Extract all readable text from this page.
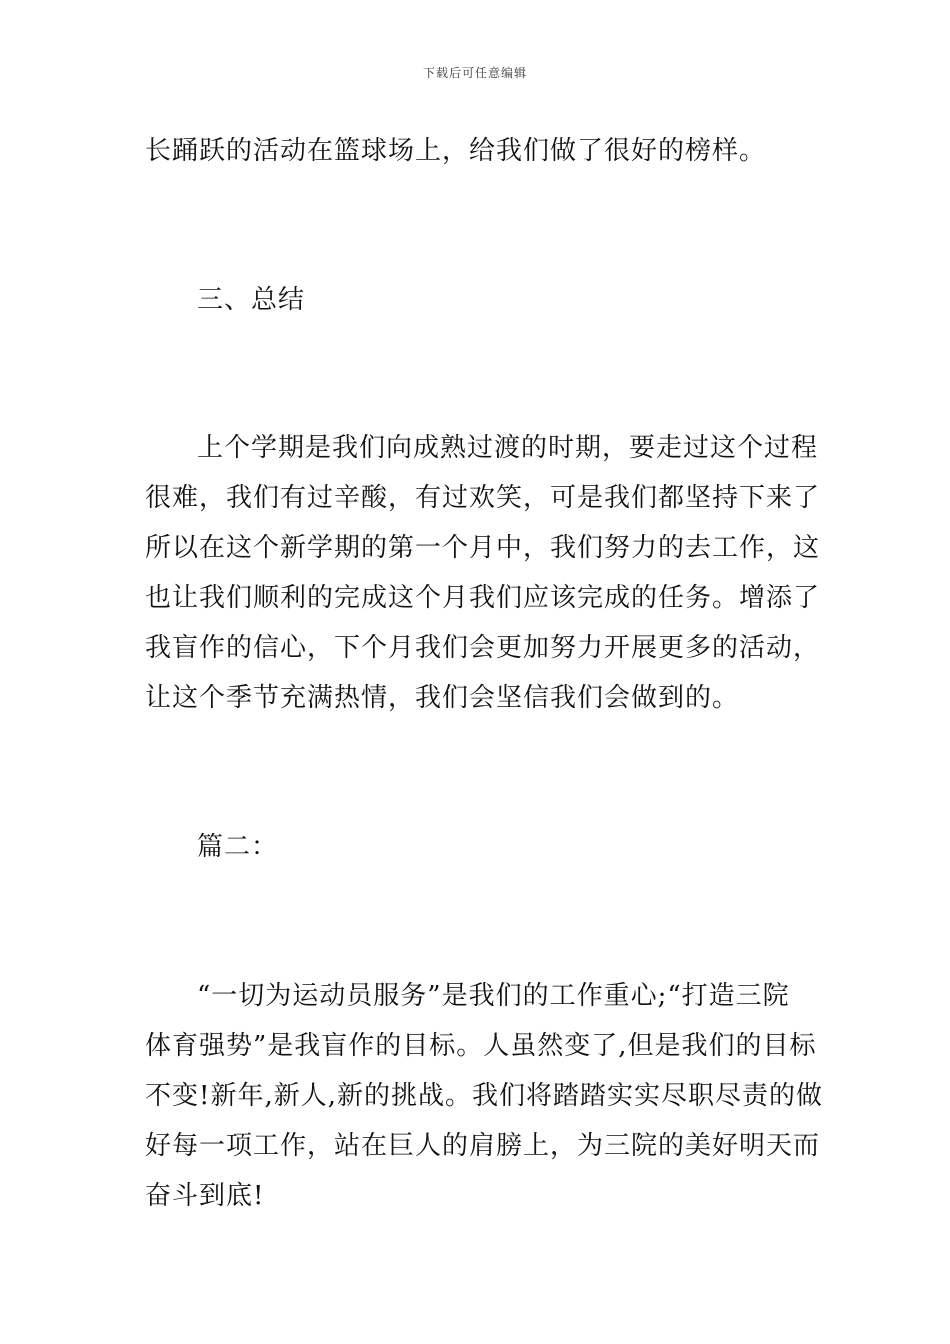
下载后可任意编辑
长踊跃的活动在篮球场上，给我们做了很好的榜样。
三、总结
上个学期是我们向成熟过渡的时期，要走过这个过程
很难，我们有过辛酸，有过欢笑，可是我们都坚持下来了
所以在这个新学期的第一个月中，我们努力的去工作，这
也让我们顺利的完成这个月我们应该完成的任务。增添了
我盲作的信心，下个月我们会更加努力开展更多的活动，
让这个季节充满热情，我们会坚信我们会做到的。
篇二：
“一切为运动员服务”是我们的工作重心;“打造三院
体育强势”是我盲作的目标。人虽然变了,但是我们的目标
不变!新年,新人,新的挑战。我们将踏踏实实尽职尽责的做
好每一项工作，站在巨人的肩膀上，为三院的美好明天而
奋斗到底!
